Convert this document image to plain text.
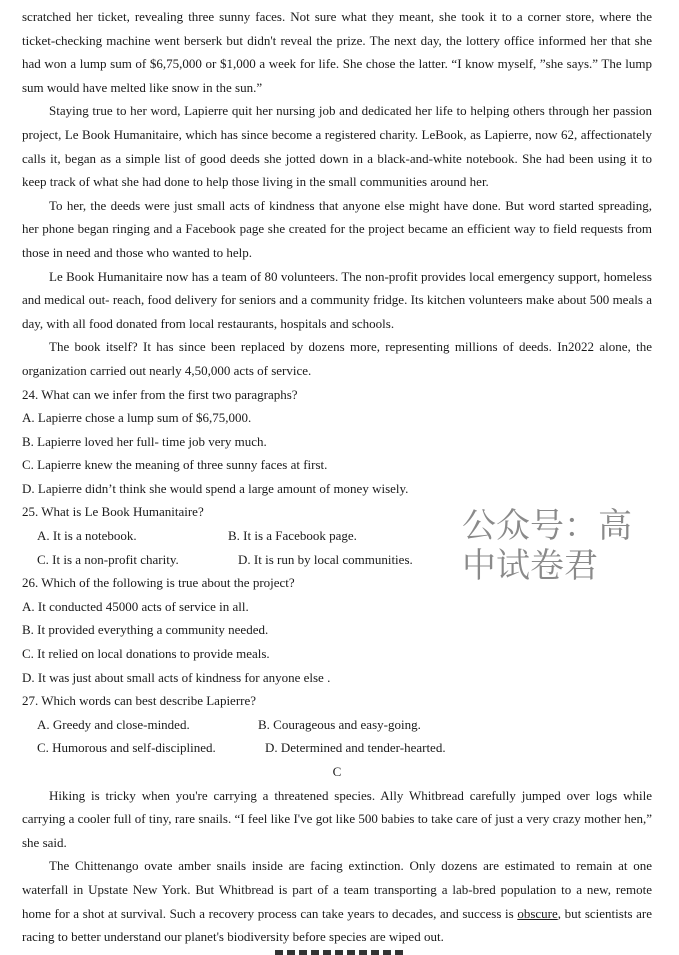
scratched her ticket, revealing three sunny faces. Not sure what they meant, she took it to a corner store, where the ticket-checking machine went berserk but didn't reveal the prize. The next day, the lottery office informed her that she had won a lump sum of $6,75,000 or $1,000 a week for life. She chose the latter. “I know myself, ”she says.” The lump sum would have melted like snow in the sun.”

Staying true to her word, Lapierre quit her nursing job and dedicated her life to helping others through her passion project, Le Book Humanitaire, which has since become a registered charity. LeBook, as Lapierre, now 62, affectionately calls it, began as a simple list of good deeds she jotted down in a black-and-white notebook. She had been using it to keep track of what she had done to help those living in the small communities around her.

To her, the deeds were just small acts of kindness that anyone else might have done. But word started spreading, her phone began ringing and a Facebook page she created for the project became an efficient way to field requests from those in need and those who wanted to help.

Le Book Humanitaire now has a team of 80 volunteers. The non-profit provides local emergency support, homeless and medical out- reach, food delivery for seniors and a community fridge. Its kitchen volunteers make about 500 meals a day, with all food donated from local restaurants, hospitals and schools.

The book itself? It has since been replaced by dozens more, representing millions of deeds. In2022 alone, the organization carried out nearly 4,50,000 acts of service.

24. What can we infer from the first two paragraphs?
A. Lapierre chose a lump sum of $6,75,000.
B. Lapierre loved her full- time job very much.
C. Lapierre knew the meaning of three sunny faces at first.
D. Lapierre didn’t think she would spend a large amount of money wisely.
25. What is Le Book Humanitaire?
A. It is a notebook.	B. It is a Facebook page.
C. It is a non-profit charity.	D. It is run by local communities.
26. Which of the following is true about the project?
A. It conducted 45000 acts of service in all.
B. It provided everything a community needed.
C. It relied on local donations to provide meals.
D. It was just about small acts of kindness for anyone else .
27. Which words can best describe Lapierre?
A. Greedy and close-minded.	B. Courageous and easy-going.
C. Humorous and self-disciplined.	D. Determined and tender-hearted.
C

Hiking is tricky when you're carrying a threatened species. Ally Whitbread carefully jumped over logs while carrying a cooler full of tiny, rare snails. “I feel like I've got like 500 babies to take care of just a very crazy mother hen,” she said.

The Chittenango ovate amber snails inside are facing extinction. Only dozens are estimated to remain at one waterfall in Upstate New York. But Whitbread is part of a team transporting a lab-bred population to a new, remote home for a shot at survival. Such a recovery process can take years to decades, and success is obscure, but scientists are racing to better understand our planet's biodiversity before species are wiped out.

公众号：高中试卷君
